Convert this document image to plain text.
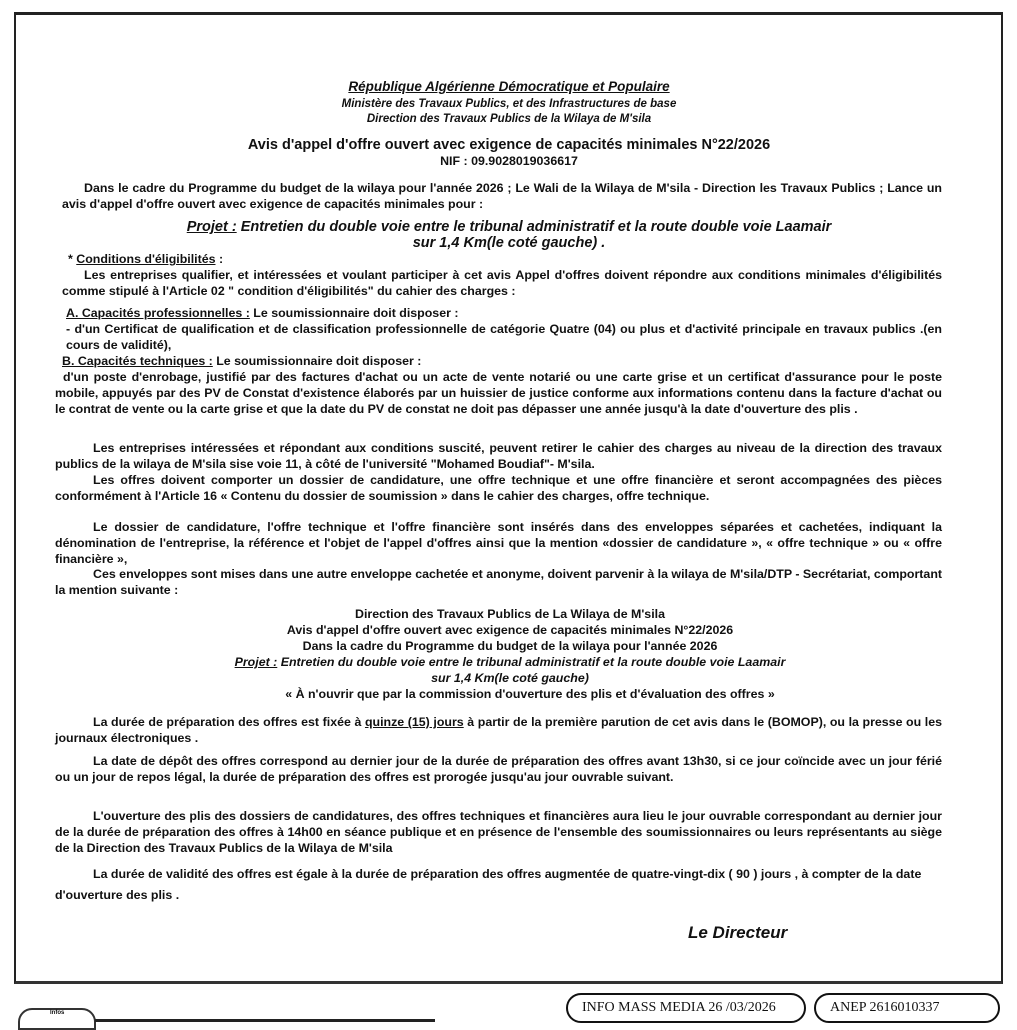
République Algérienne Démocratique et Populaire
Ministère des Travaux Publics, et des Infrastructures de base
Direction des Travaux Publics de la Wilaya de M'sila
Avis d'appel d'offre ouvert avec exigence de capacités minimales N°22/2026
NIF : 09.9028019036617
Dans le cadre du Programme du budget de la wilaya pour l'année 2026 ; Le Wali de la Wilaya de M'sila - Direction les Travaux Publics ; Lance un avis d'appel d'offre ouvert avec exigence de capacités minimales pour :
Projet : Entretien du double voie entre le tribunal administratif et la route double voie Laamair
sur 1,4 Km(le coté gauche) .
* Conditions d'éligibilités :
Les entreprises qualifier, et intéressées et voulant participer à cet avis Appel d'offres doivent répondre aux conditions minimales d'éligibilités comme stipulé à l'Article 02 " condition d'éligibilités" du cahier des charges :
A. Capacités professionnelles : Le soumissionnaire doit disposer :
- d'un Certificat de qualification et de classification professionnelle de catégorie Quatre (04) ou plus et d'activité principale en travaux publics .(en cours de validité),
B. Capacités techniques : Le soumissionnaire doit disposer :
d'un poste d'enrobage, justifié par des factures d'achat ou un acte de vente notarié ou une carte grise et un certificat d'assurance pour le poste mobile, appuyés par des PV de Constat d'existence élaborés par un huissier de justice conforme aux informations contenu dans la facture d'achat ou le contrat de vente ou la carte grise et que la date du PV de constat ne doit pas dépasser une année jusqu'à la date d'ouverture des plis .
Les entreprises intéressées et répondant aux conditions suscité, peuvent retirer le cahier des charges au niveau de la direction des travaux publics de la wilaya de M'sila sise voie 11, à côté de l'université "Mohamed Boudiaf"- M'sila.
Les offres doivent comporter un dossier de candidature, une offre technique et une offre financière et seront accompagnées des pièces conformément à l'Article 16 « Contenu du dossier de soumission » dans le cahier des charges, offre technique.
Le dossier de candidature, l'offre technique et l'offre financière sont insérés dans des enveloppes séparées et cachetées, indiquant la dénomination de l'entreprise, la référence et l'objet de l'appel d'offres ainsi que la mention «dossier de candidature », « offre technique » ou « offre financière »,
Ces enveloppes sont mises dans une autre enveloppe cachetée et anonyme, doivent parvenir à la wilaya de M'sila/DTP - Secrétariat, comportant la mention suivante :
Direction des Travaux Publics de La Wilaya de M'sila
Avis d'appel d'offre ouvert avec exigence de capacités minimales N°22/2026
Dans la cadre du Programme du budget de la wilaya pour l'année 2026
Projet : Entretien du double voie entre le tribunal administratif et la route double voie Laamair
sur 1,4 Km(le coté gauche)
« À n'ouvrir que par la commission d'ouverture des plis et d'évaluation des offres »
La durée de préparation des offres est fixée à quinze (15) jours à partir de la première parution de cet avis dans le (BOMOP), ou la presse ou les journaux électroniques .
La date de dépôt des offres correspond au dernier jour de la durée de préparation des offres avant 13h30, si ce jour coïncide avec un jour férié ou un jour de repos légal, la durée de préparation des offres est prorogée jusqu'au jour ouvrable suivant.
L'ouverture des plis des dossiers de candidatures, des offres techniques et financières aura lieu le jour ouvrable correspondant au dernier jour de la durée de préparation des offres à 14h00 en séance publique et en présence de l'ensemble des soumissionnaires ou leurs représentants au siège de la Direction des Travaux Publics de la Wilaya de M'sila
La durée de validité des offres est égale à la durée de préparation des offres augmentée de quatre-vingt-dix ( 90 ) jours , à compter de la date d'ouverture des plis .
Le Directeur
INFO MASS MEDIA 26 /03/2026	ANEP 2616010337
Infos
